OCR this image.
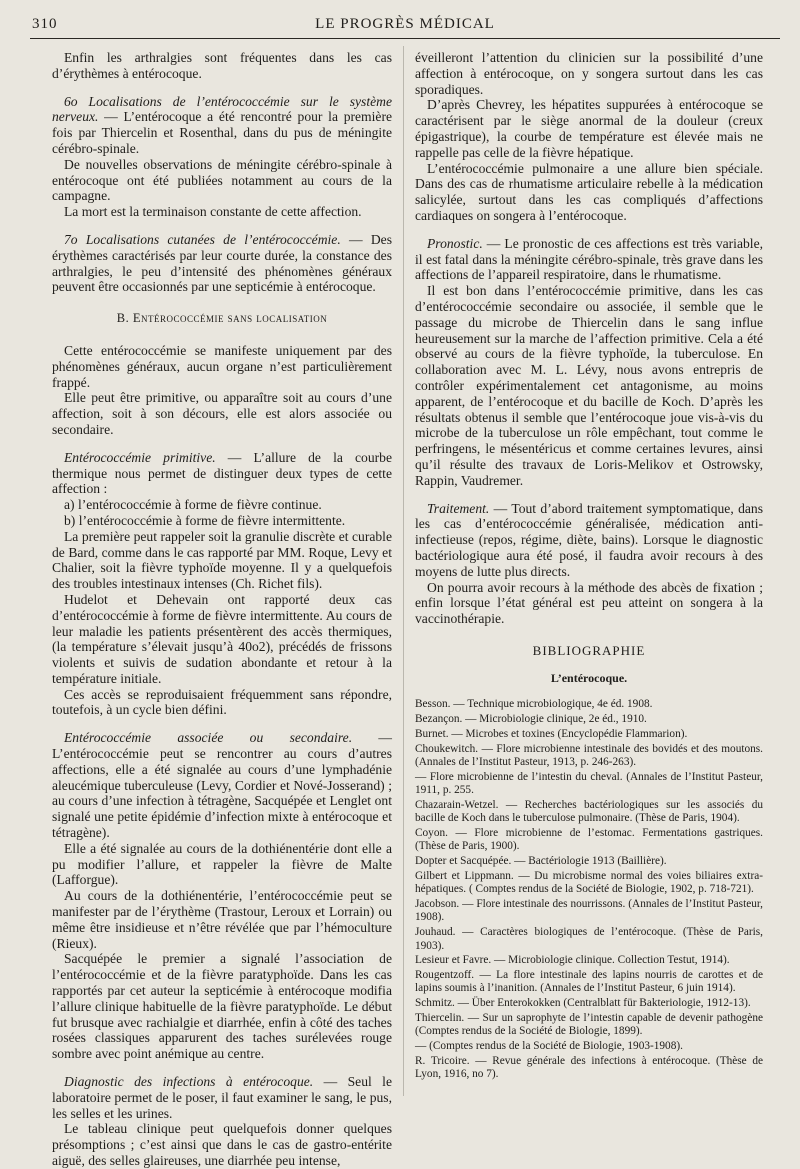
310	LE PROGRÈS MÉDICAL

Enfin les arthralgies sont fréquentes dans les cas d’érythèmes à entérocoque.

6o Localisations de l’entérococcémie sur le système nerveux. — L’entérocoque a été rencontré pour la première fois par Thiercelin et Rosenthal, dans du pus de méningite cérébro-spinale.

De nouvelles observations de méningite cérébro-spinale à entérocoque ont été publiées notamment au cours de la campagne.

La mort est la terminaison constante de cette affection.

7o Localisations cutanées de l’entérococcémie. — Des érythèmes caractérisés par leur courte durée, la constance des arthralgies, le peu d’intensité des phénomènes généraux peuvent être occasionnés par une septicémie à entérocoque.

B. Entérococcémie sans localisation

Cette entérococcémie se manifeste uniquement par des phénomènes généraux, aucun organe n’est particulièrement frappé.

Elle peut être primitive, ou apparaître soit au cours d’une affection, soit à son décours, elle est alors associée ou secondaire.

Entérococcémie primitive. — L’allure de la courbe thermique nous permet de distinguer deux types de cette affection :

a) l’entérococcémie à forme de fièvre continue.

b) l’entérococcémie à forme de fièvre intermittente.

La première peut rappeler soit la granulie discrète et curable de Bard, comme dans le cas rapporté par MM. Roque, Levy et Chalier, soit la fièvre typhoïde moyenne. Il y a quelquefois des troubles intestinaux intenses (Ch. Richet fils).

Hudelot et Dehevain ont rapporté deux cas d’entérococcémie à forme de fièvre intermittente. Au cours de leur maladie les patients présentèrent des accès thermiques, (la température s’élevait jusqu’à 40o2), précédés de frissons violents et suivis de sudation abondante et retour à la température initiale.

Ces accès se reproduisaient fréquemment sans répondre, toutefois, à un cycle bien défini.

Entérococcémie associée ou secondaire. — L’entérococcémie peut se rencontrer au cours d’autres affections, elle a été signalée au cours d’une lymphadénie aleucémique tuberculeuse (Levy, Cordier et Nové-Josserand) ; au cours d’une infection à tétragène, Sacquépée et Lenglet ont signalé une petite épidémie d’infection mixte à entérocoque et tétragène).

Elle a été signalée au cours de la dothiénentérie dont elle a pu modifier l’allure, et rappeler la fièvre de Malte (Lafforgue).

Au cours de la dothiénentérie, l’entérococcémie peut se manifester par de l’érythème (Trastour, Leroux et Lorrain) ou même être insidieuse et n’être révélée que par l’hémoculture (Rieux).

Sacquépée le premier a signalé l’association de l’entérococcémie et de la fièvre paratyphoïde. Dans les cas rapportés par cet auteur la septicémie à entérocoque modifia l’allure clinique habituelle de la fièvre paratyphoïde. Le début fut brusque avec rachialgie et diarrhée, enfin à côté des taches rosées classiques apparurent des taches surélevées rouge sombre avec point anémique au centre.

Diagnostic des infections à entérocoque. — Seul le laboratoire permet de le poser, il faut examiner le sang, le pus, les selles et les urines.

Le tableau clinique peut quelquefois donner quelques présomptions ; c’est ainsi que dans le cas de gastro-entérite aiguë, des selles glaireuses, une diarrhée peu intense,

éveilleront l’attention du clinicien sur la possibilité d’une affection à entérocoque, on y songera surtout dans les cas sporadiques.

D’après Chevrey, les hépatites suppurées à entérocoque se caractérisent par le siège anormal de la douleur (creux épigastrique), la courbe de température est élevée mais ne rappelle pas celle de la fièvre hépatique.

L’entérococcémie pulmonaire a une allure bien spéciale. Dans des cas de rhumatisme articulaire rebelle à la médication salicylée, surtout dans les cas compliqués d’affections cardiaques on songera à l’entérocoque.

Pronostic. — Le pronostic de ces affections est très variable, il est fatal dans la méningite cérébro-spinale, très grave dans les affections de l’appareil respiratoire, dans le rhumatisme.

Il est bon dans l’entérococcémie primitive, dans les cas d’entérococcémie secondaire ou associée, il semble que le passage du microbe de Thiercelin dans le sang influe heureusement sur la marche de l’affection primitive. Cela a été observé au cours de la fièvre typhoïde, la tuberculose. En collaboration avec M. L. Lévy, nous avons entrepris de contrôler expérimentalement cet antagonisme, au moins apparent, de l’entérocoque et du bacille de Koch. D’après les résultats obtenus il semble que l’entérocoque joue vis-à-vis du microbe de la tuberculose un rôle empêchant, tout comme le perfringens, le mésentéricus et comme certaines levures, ainsi qu’il résulte des travaux de Loris-Melikov et Ostrowsky, Rappin, Vaudremer.

Traitement. — Tout d’abord traitement symptomatique, dans les cas d’entérococcémie généralisée, médication anti-infectieuse (repos, régime, diète, bains). Lorsque le diagnostic bactériologique aura été posé, il faudra avoir recours à des moyens de lutte plus directs.

On pourra avoir recours à la méthode des abcès de fixation ; enfin lorsque l’état général est peu atteint on songera à la vaccinothérapie.

BIBLIOGRAPHIE

L’entérocoque.

Besson. — Technique microbiologique, 4e éd. 1908.

Bezançon. — Microbiologie clinique, 2e éd., 1910.

Burnet. — Microbes et toxines (Encyclopédie Flammarion).

Choukewitch. — Flore microbienne intestinale des bovidés et des moutons. (Annales de l’Institut Pasteur, 1913, p. 246-263).

— Flore microbienne de l’intestin du cheval. (Annales de l’Institut Pasteur, 1911, p. 255.

Chazarain-Wetzel. — Recherches bactériologiques sur les associés du bacille de Koch dans le tuberculose pulmonaire. (Thèse de Paris, 1904).

Coyon. — Flore microbienne de l’estomac. Fermentations gastriques. (Thèse de Paris, 1900).

Dopter et Sacquépée. — Bactériologie 1913 (Baillière).

Gilbert et Lippmann. — Du microbisme normal des voies biliaires extra-hépatiques. ( Comptes rendus de la Société de Biologie, 1902, p. 718-721).

Jacobson. — Flore intestinale des nourrissons. (Annales de l’Institut Pasteur, 1908).

Jouhaud. — Caractères biologiques de l’entérocoque. (Thèse de Paris, 1903).

Lesieur et Favre. — Microbiologie clinique. Collection Testut, 1914).

Rougentzoff. — La flore intestinale des lapins nourris de carottes et de lapins soumis à l’inanition. (Annales de l’Institut Pasteur, 6 juin 1914).

Schmitz. — Über Enterokokken (Centralblatt für Bakteriologie, 1912-13).

Thiercelin. — Sur un saprophyte de l’intestin capable de devenir pathogène (Comptes rendus de la Société de Biologie, 1899).

— (Comptes rendus de la Société de Biologie, 1903-1908).

R. Tricoire. — Revue générale des infections à entérocoque. (Thèse de Lyon, 1916, no 7).
